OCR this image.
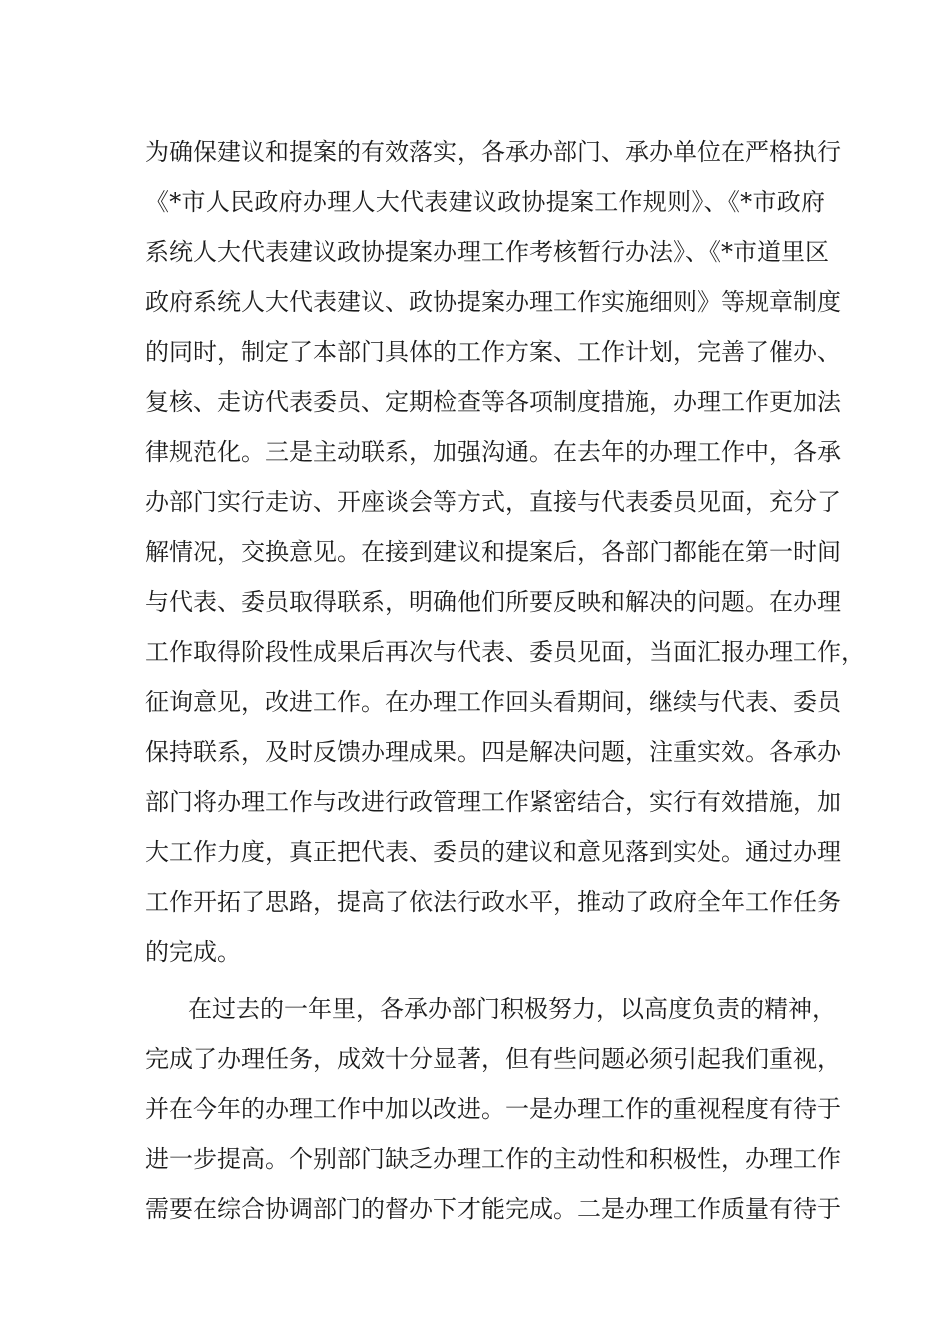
为确保建议和提案的有效落实，各承办部门、承办单位在严格执行
《*市人民政府办理人大代表建议政协提案工作规则》、《*市政府
系统人大代表建议政协提案办理工作考核暂行办法》、《*市道里区
政府系统人大代表建议、政协提案办理工作实施细则》等规章制度
的同时，制定了本部门具体的工作方案、工作计划，完善了催办、
复核、走访代表委员、定期检查等各项制度措施，办理工作更加法
律规范化。三是主动联系，加强沟通。在去年的办理工作中，各承
办部门实行走访、开座谈会等方式，直接与代表委员见面，充分了
解情况，交换意见。在接到建议和提案后，各部门都能在第一时间
与代表、委员取得联系，明确他们所要反映和解决的问题。在办理
工作取得阶段性成果后再次与代表、委员见面，当面汇报办理工作，
征询意见，改进工作。在办理工作回头看期间，继续与代表、委员
保持联系，及时反馈办理成果。四是解决问题，注重实效。各承办
部门将办理工作与改进行政管理工作紧密结合，实行有效措施，加
大工作力度，真正把代表、委员的建议和意见落到实处。通过办理
工作开拓了思路，提高了依法行政水平，推动了政府全年工作任务
的完成。
在过去的一年里，各承办部门积极努力，以高度负责的精神，
完成了办理任务，成效十分显著，但有些问题必须引起我们重视，
并在今年的办理工作中加以改进。一是办理工作的重视程度有待于
进一步提高。个别部门缺乏办理工作的主动性和积极性，办理工作
需要在综合协调部门的督办下才能完成。二是办理工作质量有待于
